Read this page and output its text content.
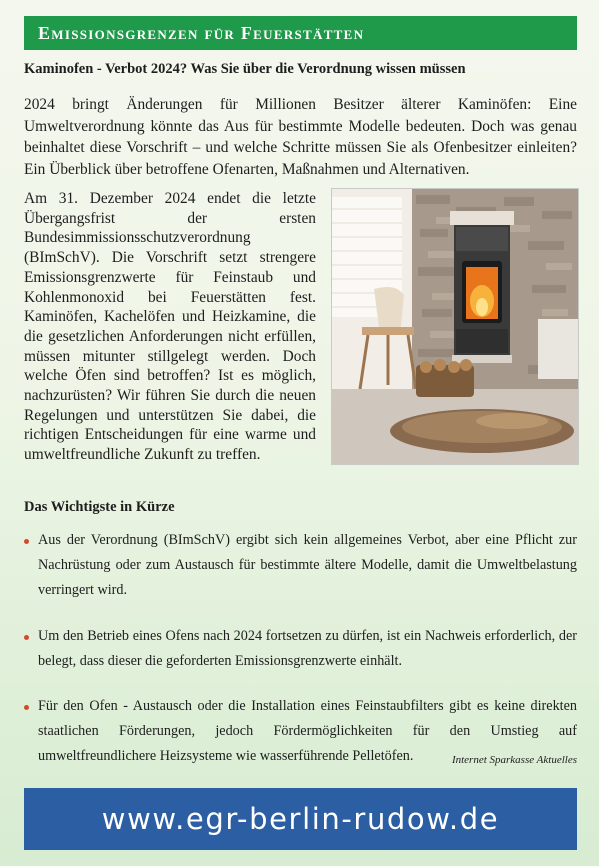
Emissionsgrenzen für Feuerstätten
Kaminofen - Verbot 2024? Was Sie über die Verordnung wissen müssen
2024 bringt Änderungen für Millionen Besitzer älterer Kaminöfen: Eine Umweltverordnung könnte das Aus für bestimmte Modelle bedeuten. Doch was genau beinhaltet diese Vorschrift – und welche Schritte müssen Sie als Ofenbesitzer einleiten? Ein Überblick über betroffene Ofenarten, Maßnahmen und Alternativen.
Am 31. Dezember 2024 endet die letzte Übergangsfrist der ersten Bundesimmissionsschutzverordnung (BImSchV). Die Vorschrift setzt strengere Emissionsgrenzwerte für Feinstaub und Kohlenmonoxid bei Feuerstätten fest. Kaminöfen, Kachelöfen und Heizkamine, die die gesetzlichen Anforderungen nicht erfüllen, müssen mitunter stillgelegt werden. Doch welche Öfen sind betroffen? Ist es möglich, nachzurüsten? Wir führen Sie durch die neuen Regelungen und unterstützen Sie dabei, die richtigen Entscheidungen für eine warme und umweltfreundliche Zukunft zu treffen.
Das Wichtigste in Kürze
Aus der Verordnung (BImSchV) ergibt sich kein allgemeines Verbot, aber eine Pflicht zur Nachrüstung oder zum Austausch für bestimmte ältere Modelle, damit die Umweltbelastung verringert wird.
Um den Betrieb eines Ofens nach 2024 fortsetzen zu dürfen, ist ein Nachweis erforderlich, der belegt, dass dieser die geforderten Emissionsgrenzwerte einhält.
Für den Ofen - Austausch oder die Installation eines Feinstaubfilters gibt es keine direkten staatlichen Förderungen, jedoch Fördermöglichkeiten für den Umstieg auf umweltfreundlichere Heizsysteme wie wasserführende Pelletöfen.	Internet Sparkasse Aktuelles
www.egr-berlin-rudow.de
